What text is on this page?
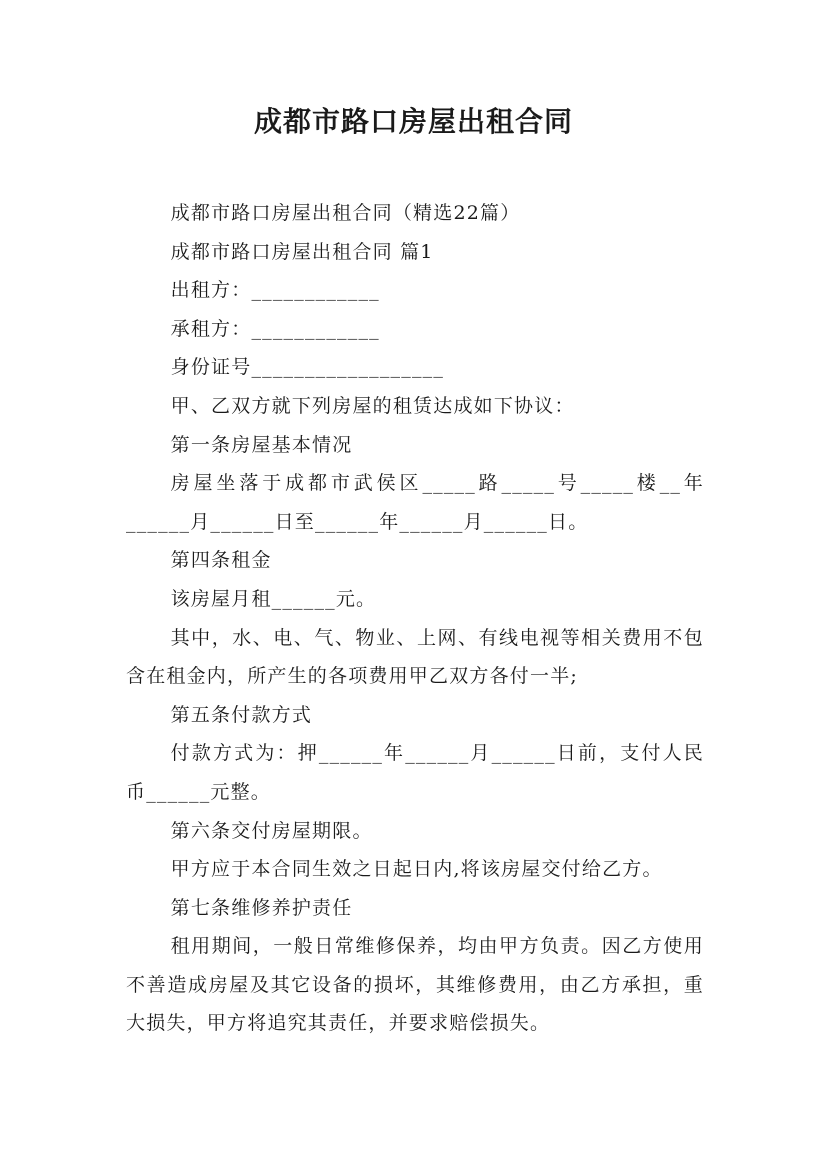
成都市路口房屋出租合同

成都市路口房屋出租合同（精选22篇）

成都市路口房屋出租合同 篇1

出租方：____________

承租方：____________

身份证号__________________

甲、乙双方就下列房屋的租赁达成如下协议：

第一条房屋基本情况

房屋坐落于成都市武侯区_____路_____号_____楼__年______月______日至______年______月______日。

第四条租金

该房屋月租______元。

其中，水、电、气、物业、上网、有线电视等相关费用不包含在租金内，所产生的各项费用甲乙双方各付一半;

第五条付款方式

付款方式为：押______年______月______日前，支付人民币______元整。

第六条交付房屋期限。

甲方应于本合同生效之日起日内,将该房屋交付给乙方。

第七条维修养护责任

租用期间，一般日常维修保养，均由甲方负责。因乙方使用不善造成房屋及其它设备的损坏，其维修费用，由乙方承担，重大损失，甲方将追究其责任，并要求赔偿损失。
